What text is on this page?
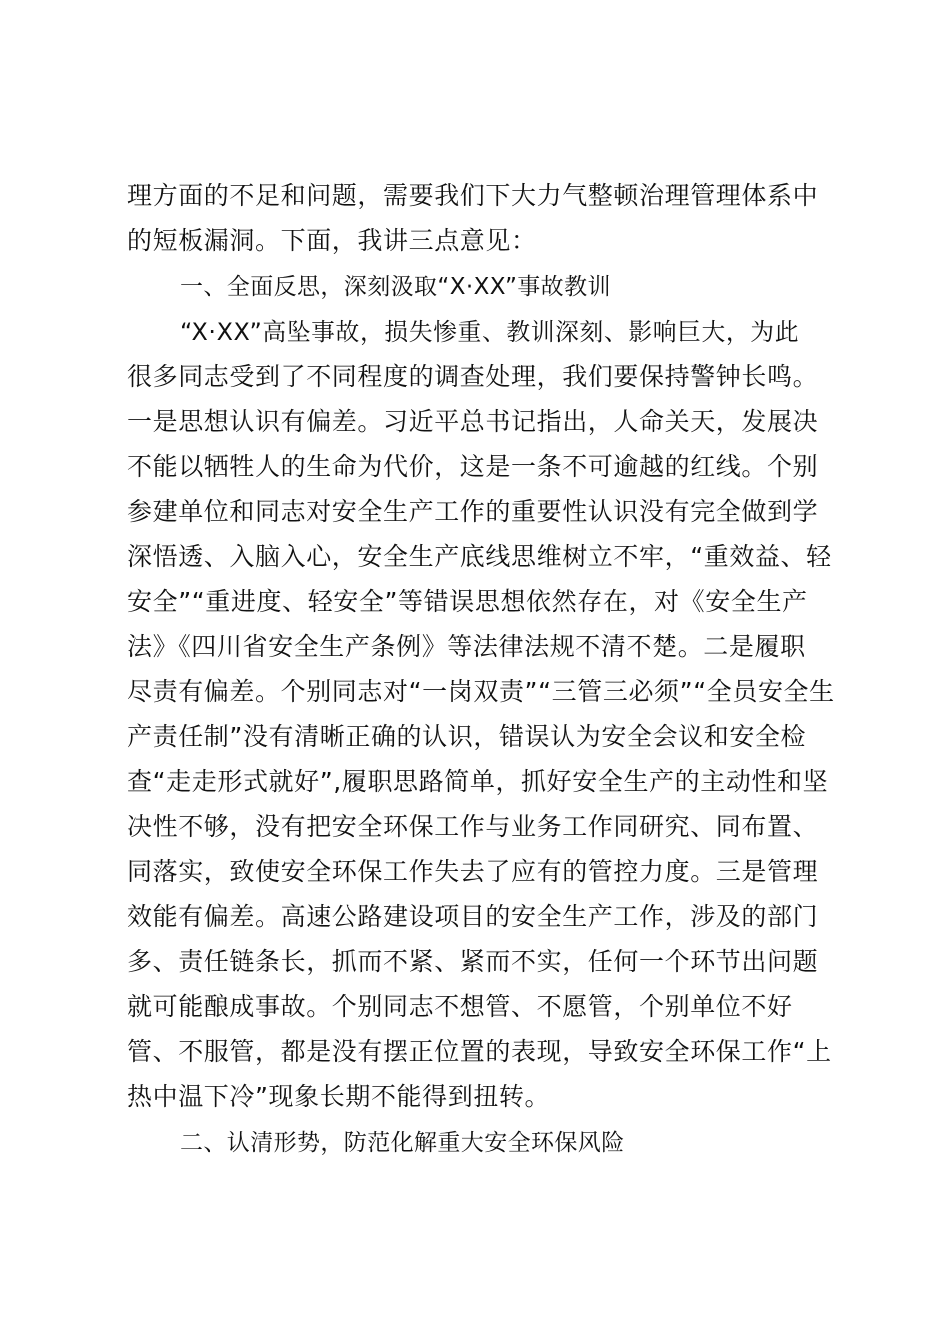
理方面的不足和问题，需要我们下大力气整顿治理管理体系中
的短板漏洞。下面，我讲三点意见：
一、全面反思，深刻汲取“X·XX”事故教训
“X·XX”高坠事故，损失惨重、教训深刻、影响巨大，为此
很多同志受到了不同程度的调查处理，我们要保持警钟长鸣。
一是思想认识有偏差。习近平总书记指出，人命关天，发展决
不能以牺牲人的生命为代价，这是一条不可逾越的红线。个别
参建单位和同志对安全生产工作的重要性认识没有完全做到学
深悟透、入脑入心，安全生产底线思维树立不牢，“重效益、轻
安全”“重进度、轻安全”等错误思想依然存在，对《安全生产
法》《四川省安全生产条例》等法律法规不清不楚。二是履职
尽责有偏差。个别同志对“一岗双责”“三管三必须”“全员安全生
产责任制”没有清晰正确的认识，错误认为安全会议和安全检
查“走走形式就好”,履职思路简单，抓好安全生产的主动性和坚
决性不够，没有把安全环保工作与业务工作同研究、同布置、
同落实，致使安全环保工作失去了应有的管控力度。三是管理
效能有偏差。高速公路建设项目的安全生产工作，涉及的部门
多、责任链条长，抓而不紧、紧而不实，任何一个环节出问题
就可能酿成事故。个别同志不想管、不愿管，个别单位不好
管、不服管，都是没有摆正位置的表现，导致安全环保工作“上
热中温下冷”现象长期不能得到扭转。
二、认清形势，防范化解重大安全环保风险
